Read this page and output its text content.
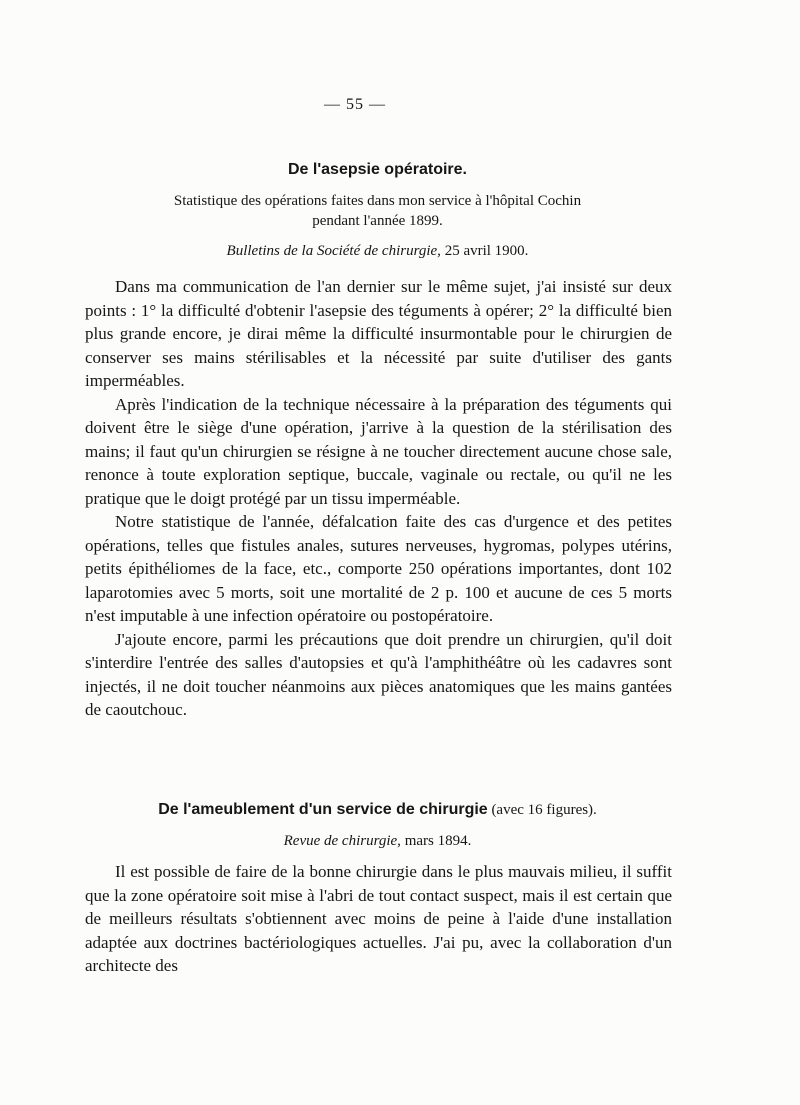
— 55 —
De l'asepsie opératoire.
Statistique des opérations faites dans mon service à l'hôpital Cochin
pendant l'année 1899.
Bulletins de la Société de chirurgie, 25 avril 1900.

Dans ma communication de l'an dernier sur le même sujet, j'ai insisté sur deux points : 1° la difficulté d'obtenir l'asepsie des téguments à opérer; 2° la difficulté bien plus grande encore, je dirai même la difficulté insurmontable pour le chirurgien de conserver ses mains stérilisables et la nécessité par suite d'utiliser des gants imperméables.

Après l'indication de la technique nécessaire à la préparation des téguments qui doivent être le siège d'une opération, j'arrive à la question de la stérilisation des mains; il faut qu'un chirurgien se résigne à ne toucher directement aucune chose sale, renonce à toute exploration septique, buccale, vaginale ou rectale, ou qu'il ne les pratique que le doigt protégé par un tissu imperméable.

Notre statistique de l'année, défalcation faite des cas d'urgence et des petites opérations, telles que fistules anales, sutures nerveuses, hygromas, polypes utérins, petits épithéliomes de la face, etc., comporte 250 opérations importantes, dont 102 laparotomies avec 5 morts, soit une mortalité de 2 p. 100 et aucune de ces 5 morts n'est imputable à une infection opératoire ou postopératoire.

J'ajoute encore, parmi les précautions que doit prendre un chirurgien, qu'il doit s'interdire l'entrée des salles d'autopsies et qu'à l'amphithéâtre où les cadavres sont injectés, il ne doit toucher néanmoins aux pièces anatomiques que les mains gantées de caoutchouc.

De l'ameublement d'un service de chirurgie (avec 16 figures).
Revue de chirurgie, mars 1894.

Il est possible de faire de la bonne chirurgie dans le plus mauvais milieu, il suffit que la zone opératoire soit mise à l'abri de tout contact suspect, mais il est certain que de meilleurs résultats s'obtiennent avec moins de peine à l'aide d'une installation adaptée aux doctrines bactériologiques actuelles. J'ai pu, avec la collaboration d'un architecte des
